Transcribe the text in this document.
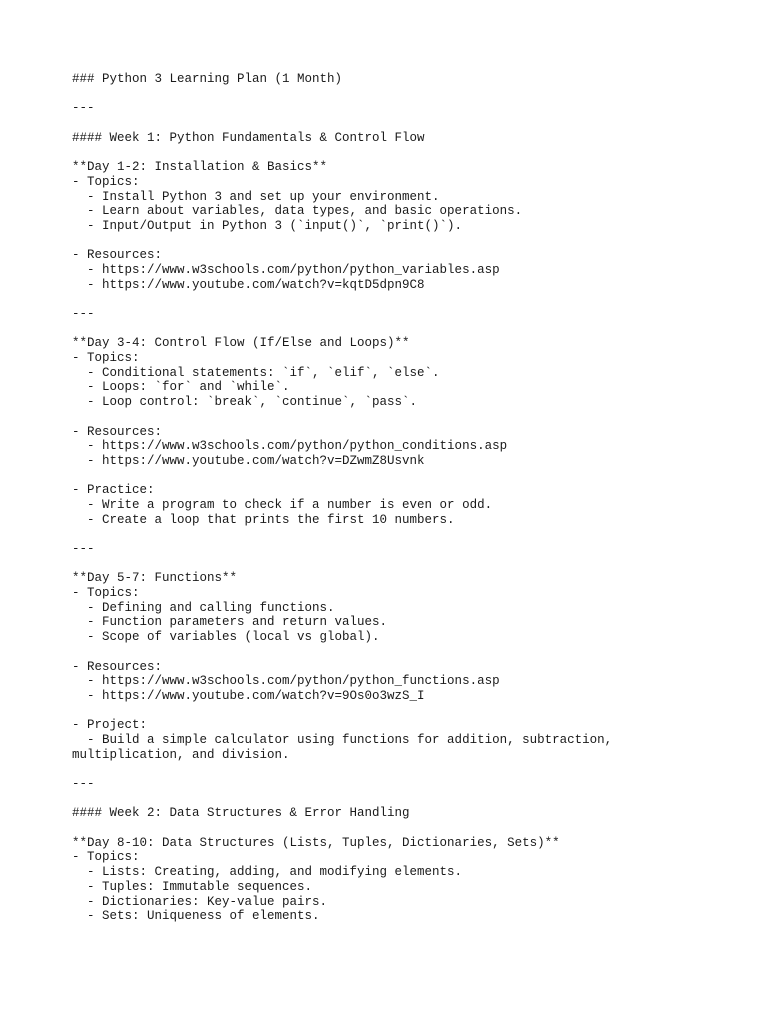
### Python 3 Learning Plan (1 Month)
---
#### Week 1: Python Fundamentals & Control Flow
**Day 1-2: Installation & Basics**
- Topics:
- Install Python 3 and set up your environment.
- Learn about variables, data types, and basic operations.
- Input/Output in Python 3 (`input()`, `print()`).
- Resources:
- https://www.w3schools.com/python/python_variables.asp
- https://www.youtube.com/watch?v=kqtD5dpn9C8
---
**Day 3-4: Control Flow (If/Else and Loops)**
- Topics:
- Conditional statements: `if`, `elif`, `else`.
- Loops: `for` and `while`.
- Loop control: `break`, `continue`, `pass`.
- Resources:
- https://www.w3schools.com/python/python_conditions.asp
- https://www.youtube.com/watch?v=DZwmZ8Usvnk
- Practice:
- Write a program to check if a number is even or odd.
- Create a loop that prints the first 10 numbers.
---
**Day 5-7: Functions**
- Topics:
- Defining and calling functions.
- Function parameters and return values.
- Scope of variables (local vs global).
- Resources:
- https://www.w3schools.com/python/python_functions.asp
- https://www.youtube.com/watch?v=9Os0o3wzS_I
- Project:
- Build a simple calculator using functions for addition, subtraction,
multiplication, and division.
---
#### Week 2: Data Structures & Error Handling
**Day 8-10: Data Structures (Lists, Tuples, Dictionaries, Sets)**
- Topics:
- Lists: Creating, adding, and modifying elements.
- Tuples: Immutable sequences.
- Dictionaries: Key-value pairs.
- Sets: Uniqueness of elements.
